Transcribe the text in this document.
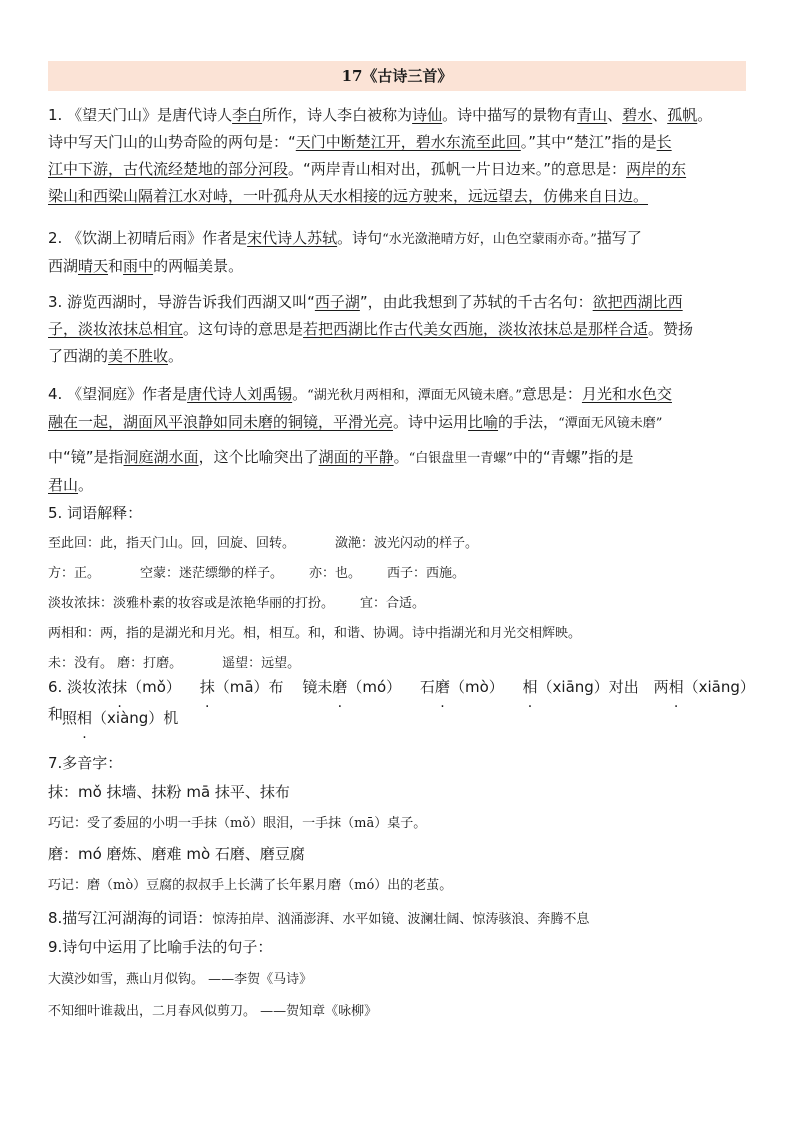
17《古诗三首》
1. 《望天门山》是唐代诗人李白所作，诗人李白被称为诗仙。诗中描写的景物有青山、碧水、孤帆。
诗中写天门山的山势奇险的两句是：“天门中断楚江开，碧水东流至此回。”其中“楚江”指的是长
江中下游，古代流经楚地的部分河段。“两岸青山相对出，孤帆一片日边来。”的意思是：两岸的东
梁山和西梁山隔着江水对峙，一叶孤舟从天水相接的远方驶来，远远望去，仿佛来自日边。
2. 《饮湖上初晴后雨》作者是宋代诗人苏轼。诗句“水光潋滟晴方好，山色空蒙雨亦奇。”描写了
西湖晴天和雨中的两幅美景。
3. 游览西湖时，导游告诉我们西湖又叫“西子湖”，由此我想到了苏轼的千古名句：欲把西湖比西
子，淡妆浓抹总相宜。这句诗的意思是若把西湖比作古代美女西施，淡妆浓抹总是那样合适。赞扬
了西湖的美不胜收。
4. 《望洞庭》作者是唐代诗人刘禹锡。“湖光秋月两相和，潭面无风镜未磨。”意思是：月光和水色交
融在一起，湖面风平浪静如同未磨的铜镜，平滑光亮。诗中运用比喻的手法，“潭面无风镜未磨”
中“镜”是指洞庭湖水面，这个比喻突出了湖面的平静。“白银盘里一青螺”中的“青螺”指的是
君山。
5. 词语解释：
至此回：此，指天门山。回，回旋、回转。	潋滟：波光闪动的样子。
方：正。	空蒙：迷茫缥缈的样子。 亦：也。 西子：西施。
淡妆浓抹：淡雅朴素的妆容或是浓艳华丽的打扮。 宜：合适。
两相和：两，指的是湖光和月光。相，相互。和，和谐、协调。诗中指湖光和月光交相辉映。
未：没有。 磨：打磨。	遥望：远望。
6. 淡妆浓抹（mǒ） 抹（mā）布 镜未磨（mó） 石磨（mò） 相（xiāng）对出 两相（xiāng）和
照相（xiàng）机
7.多音字：
抹：mǒ 抹墙、抹粉 mā 抹平、抹布
巧记：受了委屈的小明一手抹（mǒ）眼泪，一手抹（mā）桌子。
磨：mó 磨炼、磨难 mò 石磨、磨豆腐
巧记：磨（mò）豆腐的叔叔手上长满了长年累月磨（mó）出的老茧。
8.描写江河湖海的词语：惊涛拍岸、汹涌澎湃、水平如镜、波澜壮阔、惊涛骇浪、奔腾不息
9.诗句中运用了比喻手法的句子：
大漠沙如雪，燕山月似钩。 ——李贺《马诗》
不知细叶谁裁出，二月春风似剪刀。 ——贺知章《咏柳》
